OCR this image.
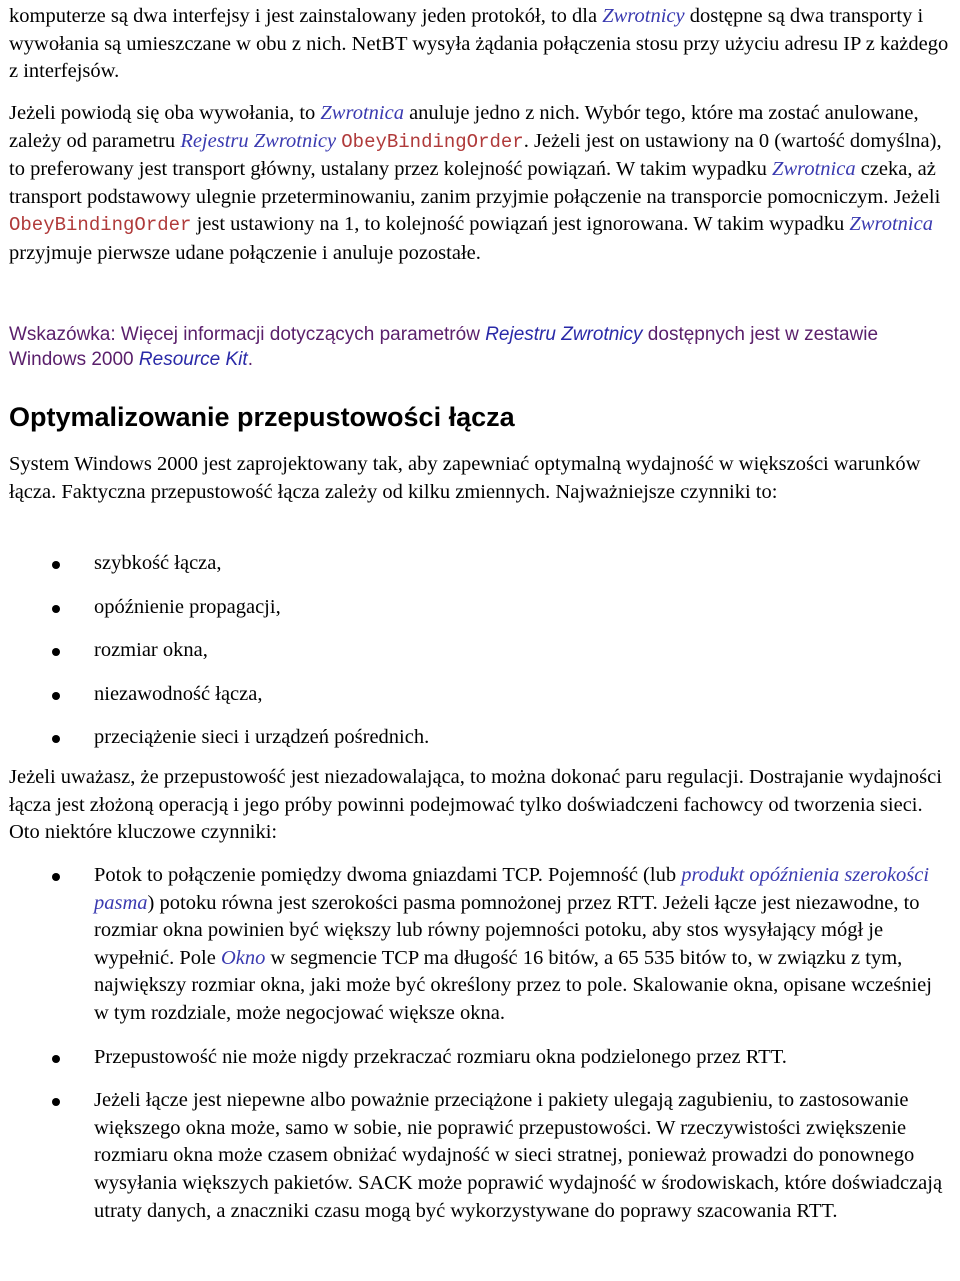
komputerze są dwa interfejsy i jest zainstalowany jeden protokół, to dla Zwrotnicy dostępne są dwa transporty i wywołania są umieszczane w obu z nich. NetBT wysyła żądania połączenia stosu przy użyciu adresu IP z każdego z interfejsów.

Jeżeli powiodą się oba wywołania, to Zwrotnica anuluje jedno z nich. Wybór tego, które ma zostać anulowane, zależy od parametru Rejestru Zwrotnicy ObeyBindingOrder. Jeżeli jest on ustawiony na 0 (wartość domyślna), to preferowany jest transport główny, ustalany przez kolejność powiązań. W takim wypadku Zwrotnica czeka, aż transport podstawowy ulegnie przeterminowaniu, zanim przyjmie połączenie na transporcie pomocniczym. Jeżeli ObeyBindingOrder jest ustawiony na 1, to kolejność powiązań jest ignorowana. W takim wypadku Zwrotnica przyjmuje pierwsze udane połączenie i anuluje pozostałe.

Wskazówka: Więcej informacji dotyczących parametrów Rejestru Zwrotnicy dostępnych jest w zestawie Windows 2000 Resource Kit.

Optymalizowanie przepustowości łącza

System Windows 2000 jest zaprojektowany tak, aby zapewniać optymalną wydajność w większości warunków łącza. Faktyczna przepustowość łącza zależy od kilku zmiennych. Najważniejsze czynniki to:

szybkość łącza,
opóźnienie propagacji,
rozmiar okna,
niezawodność łącza,
przeciążenie sieci i urządzeń pośrednich.

Jeżeli uważasz, że przepustowość jest niezadowalająca, to można dokonać paru regulacji. Dostrajanie wydajności łącza jest złożoną operacją i jego próby powinni podejmować tylko doświadczeni fachowcy od tworzenia sieci. Oto niektóre kluczowe czynniki:

Potok to połączenie pomiędzy dwoma gniazdami TCP. Pojemność (lub produkt opóźnienia szerokości pasma) potoku równa jest szerokości pasma pomnożonej przez RTT. Jeżeli łącze jest niezawodne, to rozmiar okna powinien być większy lub równy pojemności potoku, aby stos wysyłający mógł je wypełnić. Pole Okno w segmencie TCP ma długość 16 bitów, a 65 535 bitów to, w związku z tym, największy rozmiar okna, jaki może być określony przez to pole. Skalowanie okna, opisane wcześniej w tym rozdziale, może negocjować większe okna.
Przepustowość nie może nigdy przekraczać rozmiaru okna podzielonego przez RTT.
Jeżeli łącze jest niepewne albo poważnie przeciążone i pakiety ulegają zagubieniu, to zastosowanie większego okna może, samo w sobie, nie poprawić przepustowości. W rzeczywistości zwiększenie rozmiaru okna może czasem obniżać wydajność w sieci stratnej, ponieważ prowadzi do ponownego wysyłania większych pakietów. SACK może poprawić wydajność w środowiskach, które doświadczają utraty danych, a znaczniki czasu mogą być wykorzystywane do poprawy szacowania RTT.
